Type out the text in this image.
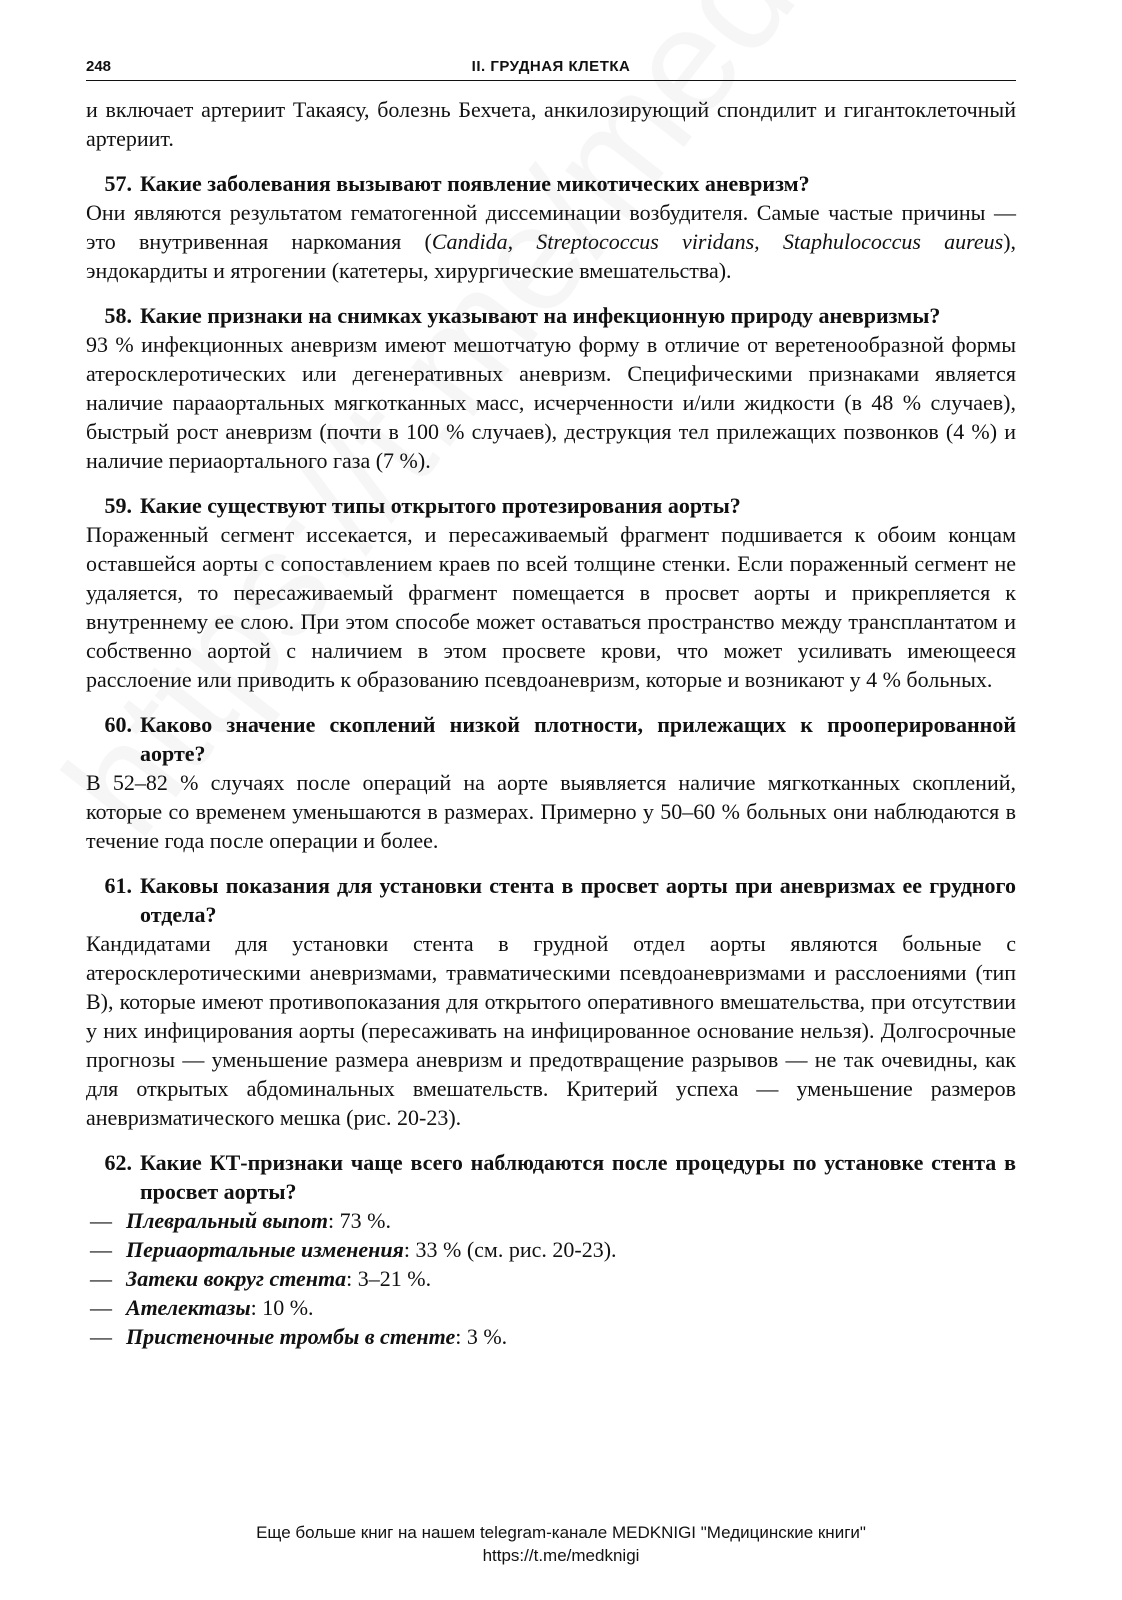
248	II. ГРУДНАЯ КЛЕТКА

и включает артериит Такаясу, болезнь Бехчета, анкилозирующий спондилит и гигантоклеточный артериит.

57. Какие заболевания вызывают появление микотических аневризм?

Они являются результатом гематогенной диссеминации возбудителя. Самые частые причины — это внутривенная наркомания (Candida, Streptococcus viridans, Staphulococcus aureus), эндокардиты и ятрогении (катетеры, хирургические вмешательства).

58. Какие признаки на снимках указывают на инфекционную природу аневризмы?

93 % инфекционных аневризм имеют мешотчатую форму в отличие от веретенообразной формы атеросклеротических или дегенеративных аневризм. Специфическими признаками является наличие парааортальных мягкотканных масс, исчерченности и/или жидкости (в 48 % случаев), быстрый рост аневризм (почти в 100 % случаев), деструкция тел прилежащих позвонков (4 %) и наличие периаортального газа (7 %).

59. Какие существуют типы открытого протезирования аорты?

Пораженный сегмент иссекается, и пересаживаемый фрагмент подшивается к обоим концам оставшейся аорты с сопоставлением краев по всей толщине стенки. Если пораженный сегмент не удаляется, то пересаживаемый фрагмент помещается в просвет аорты и прикрепляется к внутреннему ее слою. При этом способе может оставаться пространство между трансплантатом и собственно аортой с наличием в этом просвете крови, что может усиливать имеющееся расслоение или приводить к образованию псевдоаневризм, которые и возникают у 4 % больных.

60. Каково значение скоплений низкой плотности, прилежащих к прооперированной аорте?

В 52–82 % случаях после операций на аорте выявляется наличие мягкотканных скоплений, которые со временем уменьшаются в размерах. Примерно у 50–60 % больных они наблюдаются в течение года после операции и более.

61. Каковы показания для установки стента в просвет аорты при аневризмах ее грудного отдела?

Кандидатами для установки стента в грудной отдел аорты являются больные с атеросклеротическими аневризмами, травматическими псевдоаневризмами и расслоениями (тип B), которые имеют противопоказания для открытого оперативного вмешательства, при отсутствии у них инфицирования аорты (пересаживать на инфицированное основание нельзя). Долгосрочные прогнозы — уменьшение размера аневризм и предотвращение разрывов — не так очевидны, как для открытых абдоминальных вмешательств. Критерий успеха — уменьшение размеров аневризматического мешка (рис. 20-23).

62. Какие КТ-признаки чаще всего наблюдаются после процедуры по установке стента в просвет аорты?
— Плевральный выпот: 73 %.
— Периаортальные изменения: 33 % (см. рис. 20-23).
— Затеки вокруг стента: 3–21 %.
— Ателектазы: 10 %.
— Пристеночные тромбы в стенте: 3 %.
Еще больше книг на нашем telegram-канале MEDKNIGI "Медицинские книги"
https://t.me/medknigi
